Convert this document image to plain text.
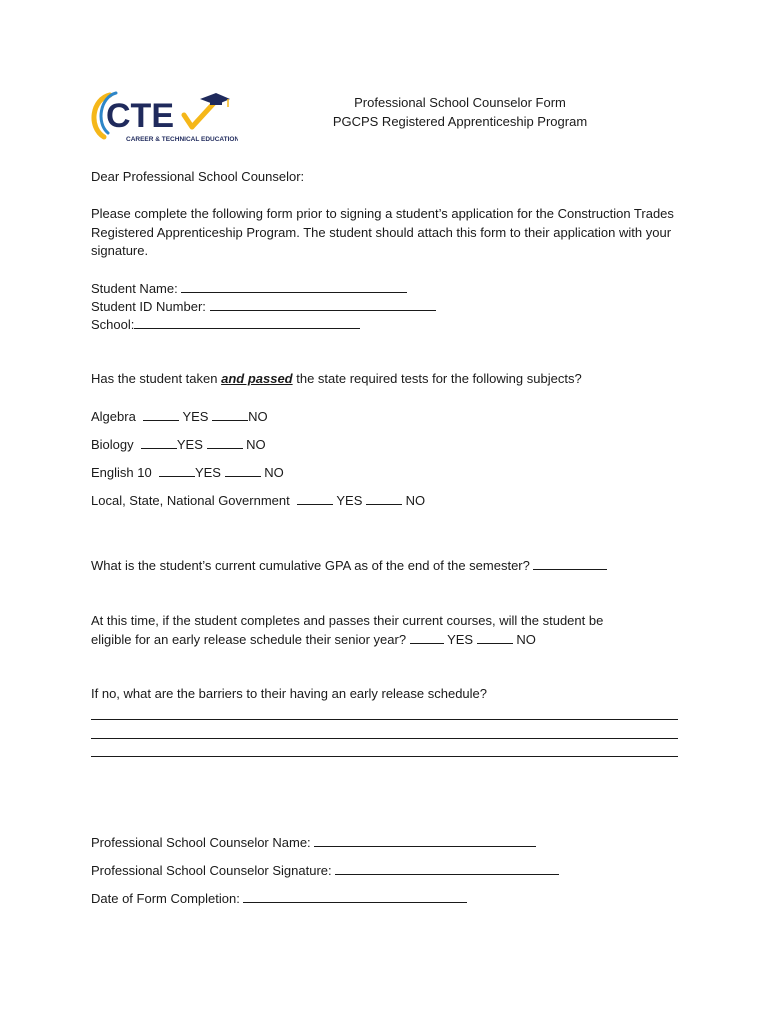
CTE
CAREER & TECHNICAL EDUCATION
Professional School Counselor Form
PGCPS Registered Apprenticeship Program
Dear Professional School Counselor:
Please complete the following form prior to signing a student’s application for the Construction Trades Registered Apprenticeship Program. The student should attach this form to their application with your signature.
Student Name:
Student ID Number:
School:
Has the student taken and passed the state required tests for the following subjects?
Algebra	YES	NO
Biology	YES	NO
English 10	YES	NO
Local, State, National Government	YES	NO
What is the student’s current cumulative GPA as of the end of the semester?
At this time, if the student completes and passes their current courses, will the student be
eligible for an early release schedule their senior year?	YES	NO
If no, what are the barriers to their having an early release schedule?
Professional School Counselor Name:
Professional School Counselor Signature:
Date of Form Completion:
